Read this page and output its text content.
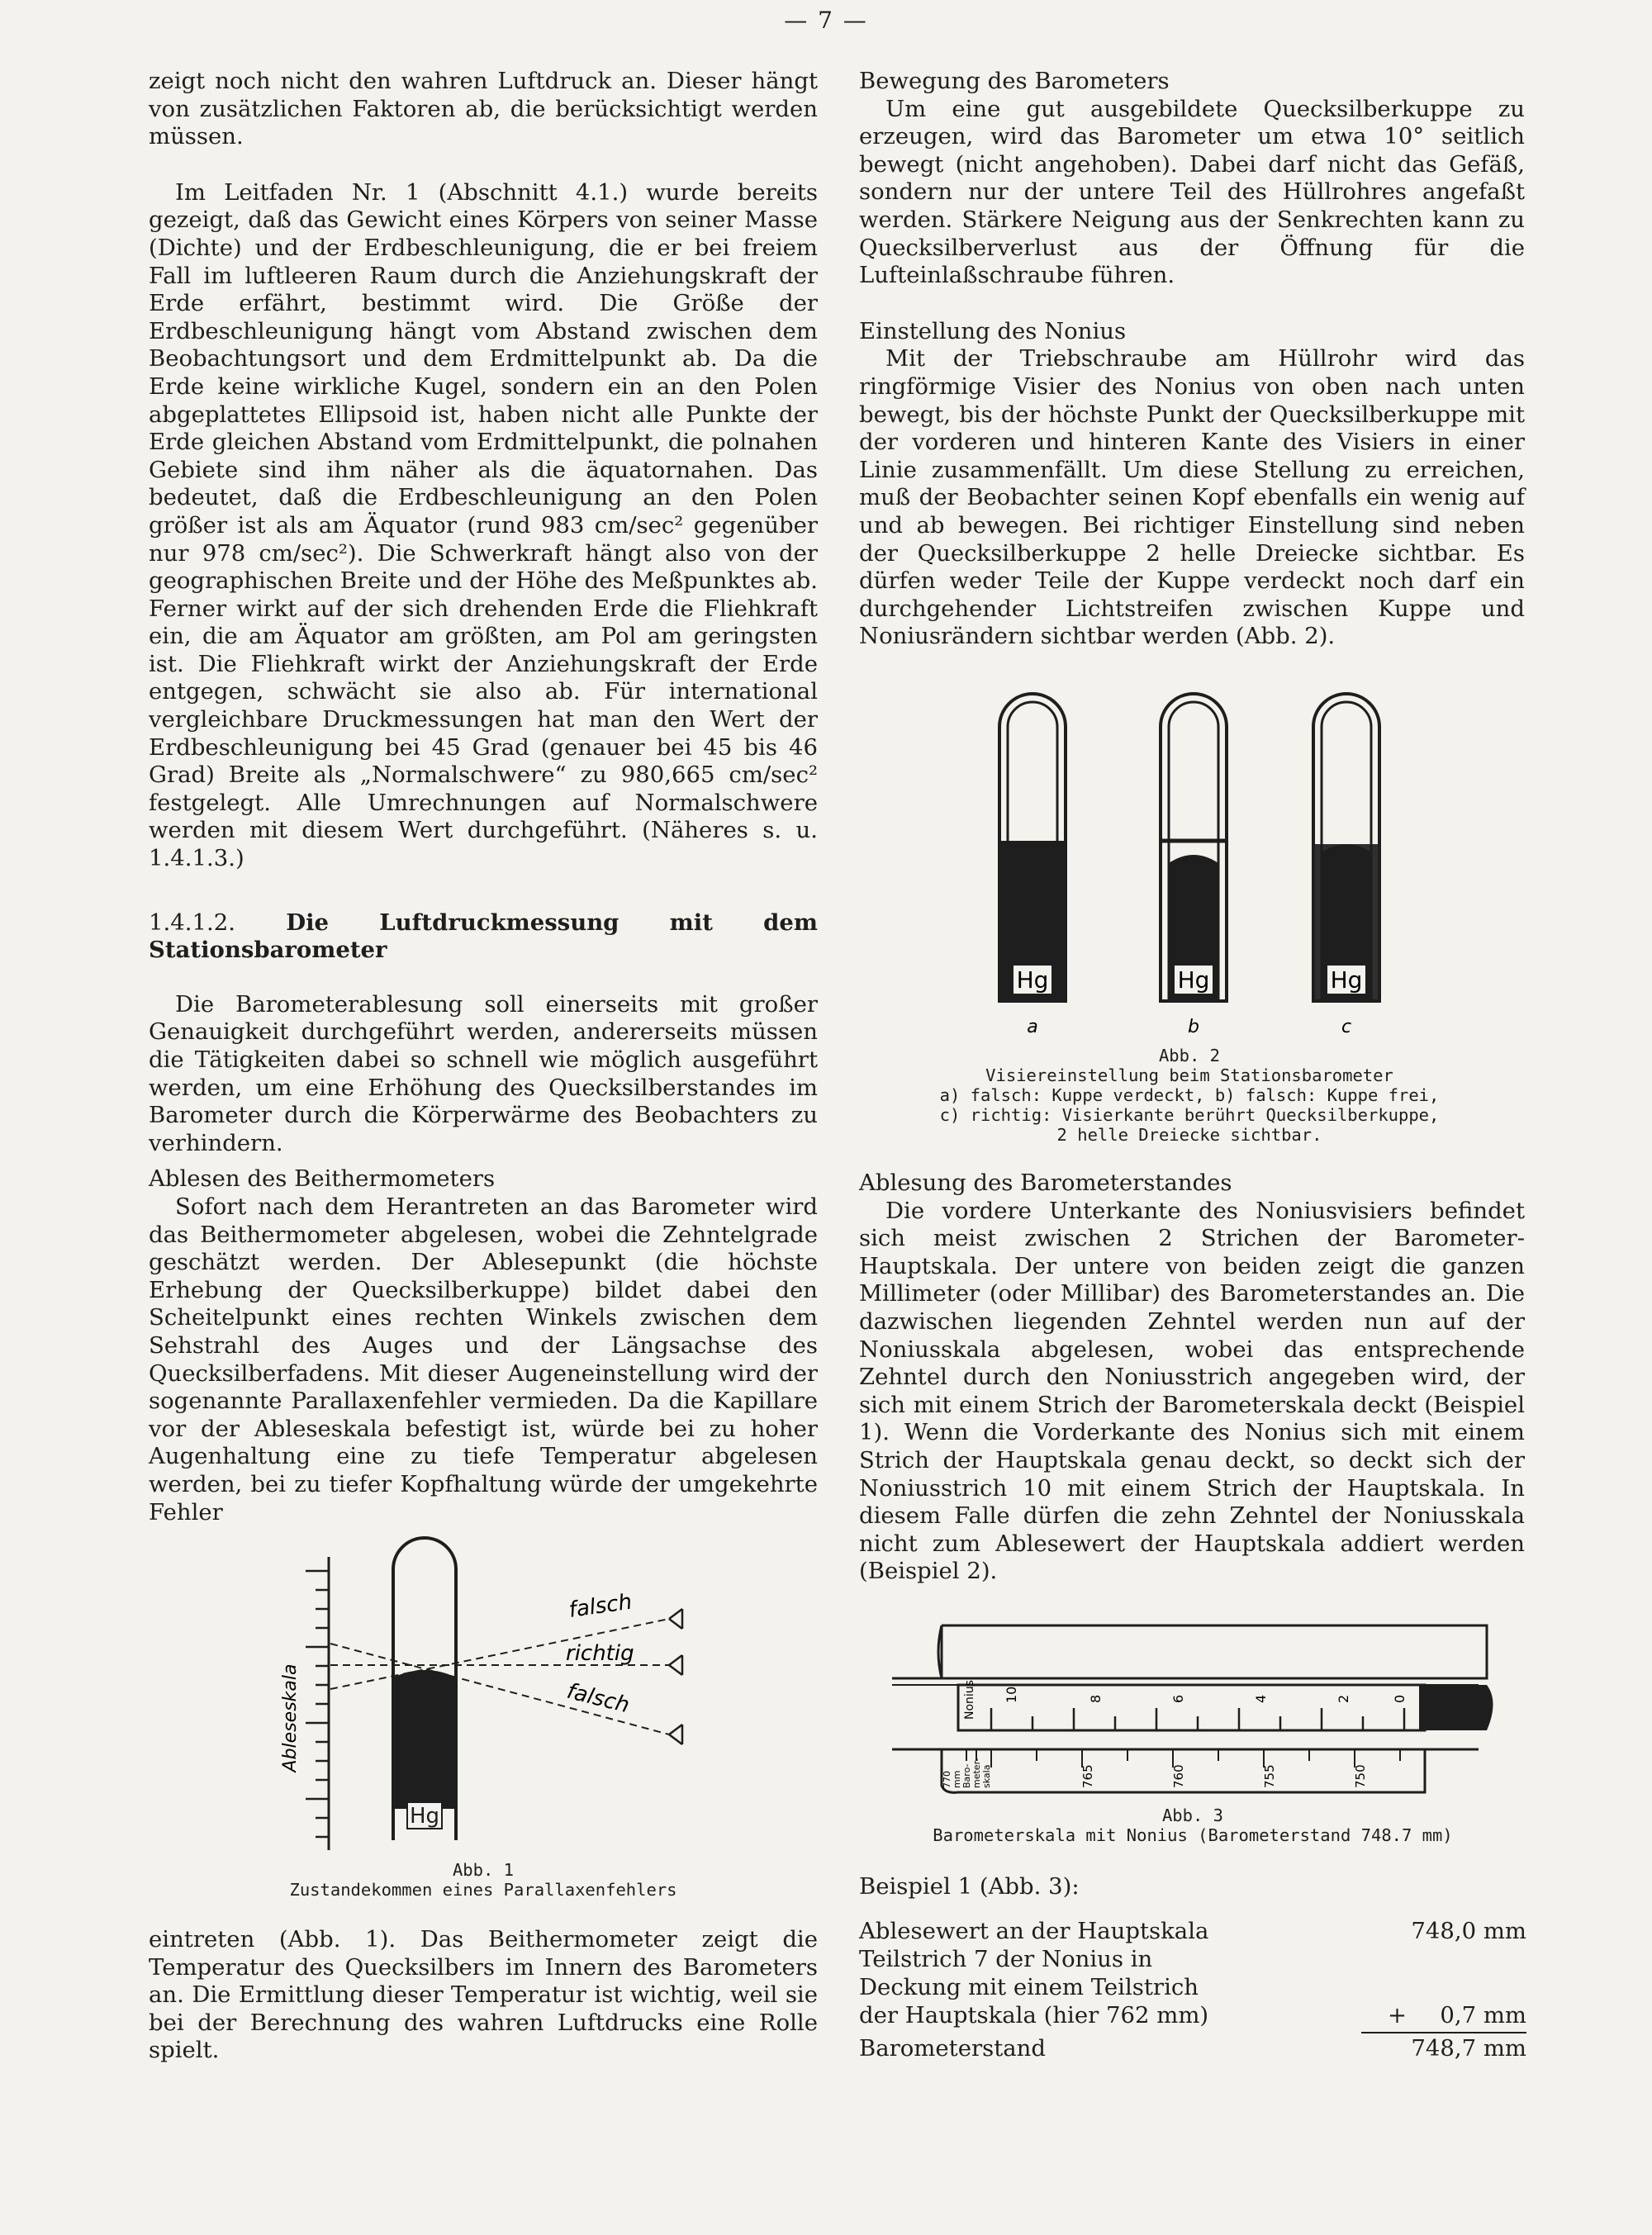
— 7 —

zeigt noch nicht den wahren Luftdruck an. Dieser hängt von zusätzlichen Faktoren ab, die berücksichtigt werden müssen.

Im Leitfaden Nr. 1 (Abschnitt 4.1.) wurde bereits gezeigt, daß das Gewicht eines Körpers von seiner Masse (Dichte) und der Erdbeschleunigung, die er bei freiem Fall im luftleeren Raum durch die Anziehungskraft der Erde erfährt, bestimmt wird. Die Größe der Erdbeschleunigung hängt vom Abstand zwischen dem Beobachtungsort und dem Erdmittelpunkt ab. Da die Erde keine wirkliche Kugel, sondern ein an den Polen abgeplattetes Ellipsoid ist, haben nicht alle Punkte der Erde gleichen Abstand vom Erdmittelpunkt, die polnahen Gebiete sind ihm näher als die äquatornahen. Das bedeutet, daß die Erdbeschleunigung an den Polen größer ist als am Äquator (rund 983 cm/sec² gegenüber nur 978 cm/sec²). Die Schwerkraft hängt also von der geographischen Breite und der Höhe des Meßpunktes ab. Ferner wirkt auf der sich drehenden Erde die Fliehkraft ein, die am Äquator am größten, am Pol am geringsten ist. Die Fliehkraft wirkt der Anziehungskraft der Erde entgegen, schwächt sie also ab. Für international vergleichbare Druckmessungen hat man den Wert der Erdbeschleunigung bei 45 Grad (genauer bei 45 bis 46 Grad) Breite als „Normalschwere“ zu 980,665 cm/sec² festgelegt. Alle Umrechnungen auf Normalschwere werden mit diesem Wert durchgeführt. (Näheres s. u. 1.4.1.3.)

1.4.1.2. Die Luftdruckmessung mit dem Stationsbarometer

Die Barometerablesung soll einerseits mit großer Genauigkeit durchgeführt werden, andererseits müssen die Tätigkeiten dabei so schnell wie möglich ausgeführt werden, um eine Erhöhung des Quecksilberstandes im Barometer durch die Körperwärme des Beobachters zu verhindern.

Ablesen des Beithermometers

Sofort nach dem Herantreten an das Barometer wird das Beithermometer abgelesen, wobei die Zehntelgrade geschätzt werden. Der Ablesepunkt (die höchste Erhebung der Quecksilberkuppe) bildet dabei den Scheitelpunkt eines rechten Winkels zwischen dem Sehstrahl des Auges und der Längsachse des Quecksilberfadens. Mit dieser Augeneinstellung wird der sogenannte Parallaxenfehler vermieden. Da die Kapillare vor der Ableseskala befestigt ist, würde bei zu hoher Augenhaltung eine zu tiefe Temperatur abgelesen werden, bei zu tiefer Kopfhaltung würde der umgekehrte Fehler

Ableseskala
Hg
falsch
richtig
falsch
Abb. 1
Zustandekommen eines Parallaxenfehlers

eintreten (Abb. 1). Das Beithermometer zeigt die Temperatur des Quecksilbers im Innern des Barometers an. Die Ermittlung dieser Temperatur ist wichtig, weil sie bei der Berechnung des wahren Luftdrucks eine Rolle spielt.

Bewegung des Barometers

Um eine gut ausgebildete Quecksilberkuppe zu erzeugen, wird das Barometer um etwa 10° seitlich bewegt (nicht angehoben). Dabei darf nicht das Gefäß, sondern nur der untere Teil des Hüllrohres angefaßt werden. Stärkere Neigung aus der Senkrechten kann zu Quecksilberverlust aus der Öffnung für die Lufteinlaßschraube führen.

Einstellung des Nonius

Mit der Triebschraube am Hüllrohr wird das ringförmige Visier des Nonius von oben nach unten bewegt, bis der höchste Punkt der Quecksilberkuppe mit der vorderen und hinteren Kante des Visiers in einer Linie zusammenfällt. Um diese Stellung zu erreichen, muß der Beobachter seinen Kopf ebenfalls ein wenig auf und ab bewegen. Bei richtiger Einstellung sind neben der Quecksilberkuppe 2 helle Dreiecke sichtbar. Es dürfen weder Teile der Kuppe verdeckt noch darf ein durchgehender Lichtstreifen zwischen Kuppe und Noniusrändern sichtbar werden (Abb. 2).

Hg
a
Hg
b
Hg
c
Abb. 2
Visiereinstellung beim Stationsbarometer
a) falsch: Kuppe verdeckt, b) falsch: Kuppe frei,
c) richtig: Visierkante berührt Quecksilberkuppe,
2 helle Dreiecke sichtbar.

Ablesung des Barometerstandes

Die vordere Unterkante des Noniusvisiers befindet sich meist zwischen 2 Strichen der Barometer-Hauptskala. Der untere von beiden zeigt die ganzen Millimeter (oder Millibar) des Barometerstandes an. Die dazwischen liegenden Zehntel werden nun auf der Noniusskala abgelesen, wobei das entsprechende Zehntel durch den Noniusstrich angegeben wird, der sich mit einem Strich der Barometerskala deckt (Beispiel 1). Wenn die Vorderkante des Nonius sich mit einem Strich der Hauptskala genau deckt, so deckt sich der Noniusstrich 10 mit einem Strich der Hauptskala. In diesem Falle dürfen die zehn Zehntel der Noniusskala nicht zum Ablesewert der Hauptskala addiert werden (Beispiel 2).

Nonius 10	8	6	4	2	0
770 mm Baro- meter- skala	765	760	755	750
Abb. 3
Barometerskala mit Nonius (Barometerstand 748.7 mm)
Beispiel 1 (Abb. 3):
Ablesewert an der Hauptskala	748,0 mm
Teilstrich 7 der Nonius in
Deckung mit einem Teilstrich
der Hauptskala (hier 762 mm)	+ 0,7 mm
Barometerstand	748,7 mm
